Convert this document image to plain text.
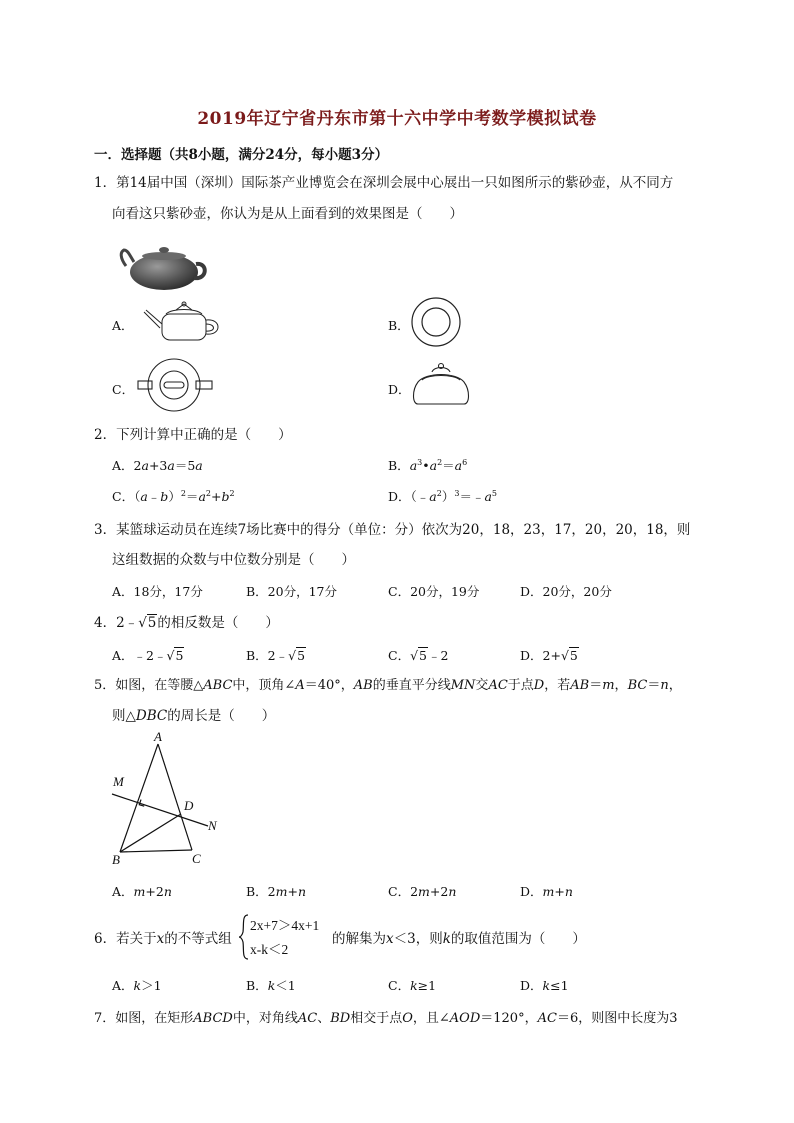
2019年辽宁省丹东市第十六中学中考数学模拟试卷
一．选择题（共8小题，满分24分，每小题3分）
1．第14届中国（深圳）国际茶产业博览会在深圳会展中心展出一只如图所示的紫砂壶，从不同方
向看这只紫砂壶，你认为是从上面看到的效果图是（　　）
A．	B．
C．	D．
2．下列计算中正确的是（　　）
A．2a+3a＝5a	B．$a^3•a^2=a^6$
C．$(a﹣b)^2=a^2+b^2$	D．$(﹣a^2)^3=﹣a^5$
3．某篮球运动员在连续7场比赛中的得分（单位：分）依次为20，18，23，17，20，20，18，则
这组数据的众数与中位数分别是（　　）
A．18分，17分	B．20分，17分	C．20分，19分	D．20分，20分
4．2﹣√5的相反数是（　　）
A．﹣2﹣√5	B．2﹣√5	C．√5﹣2	D．2+√5
5．如图，在等腰△ABC中，顶角∠A＝40°，AB的垂直平分线MN交AC于点D，若AB＝m，BC＝n，
则△DBC的周长是（　　）
A
M
D
N
B	C
A．m+2n	B．2m+n	C．2m+2n	D．m+n
6．若关于x的不等式组
2x+7＞4x+1
x-k＜2
的解集为x＜3，则k的取值范围为（　　）
A．k＞1	B．k＜1	C．k≥1	D．k≤1
7．如图，在矩形ABCD中，对角线AC、BD相交于点O，且∠AOD＝120°，AC＝6，则图中长度为3
